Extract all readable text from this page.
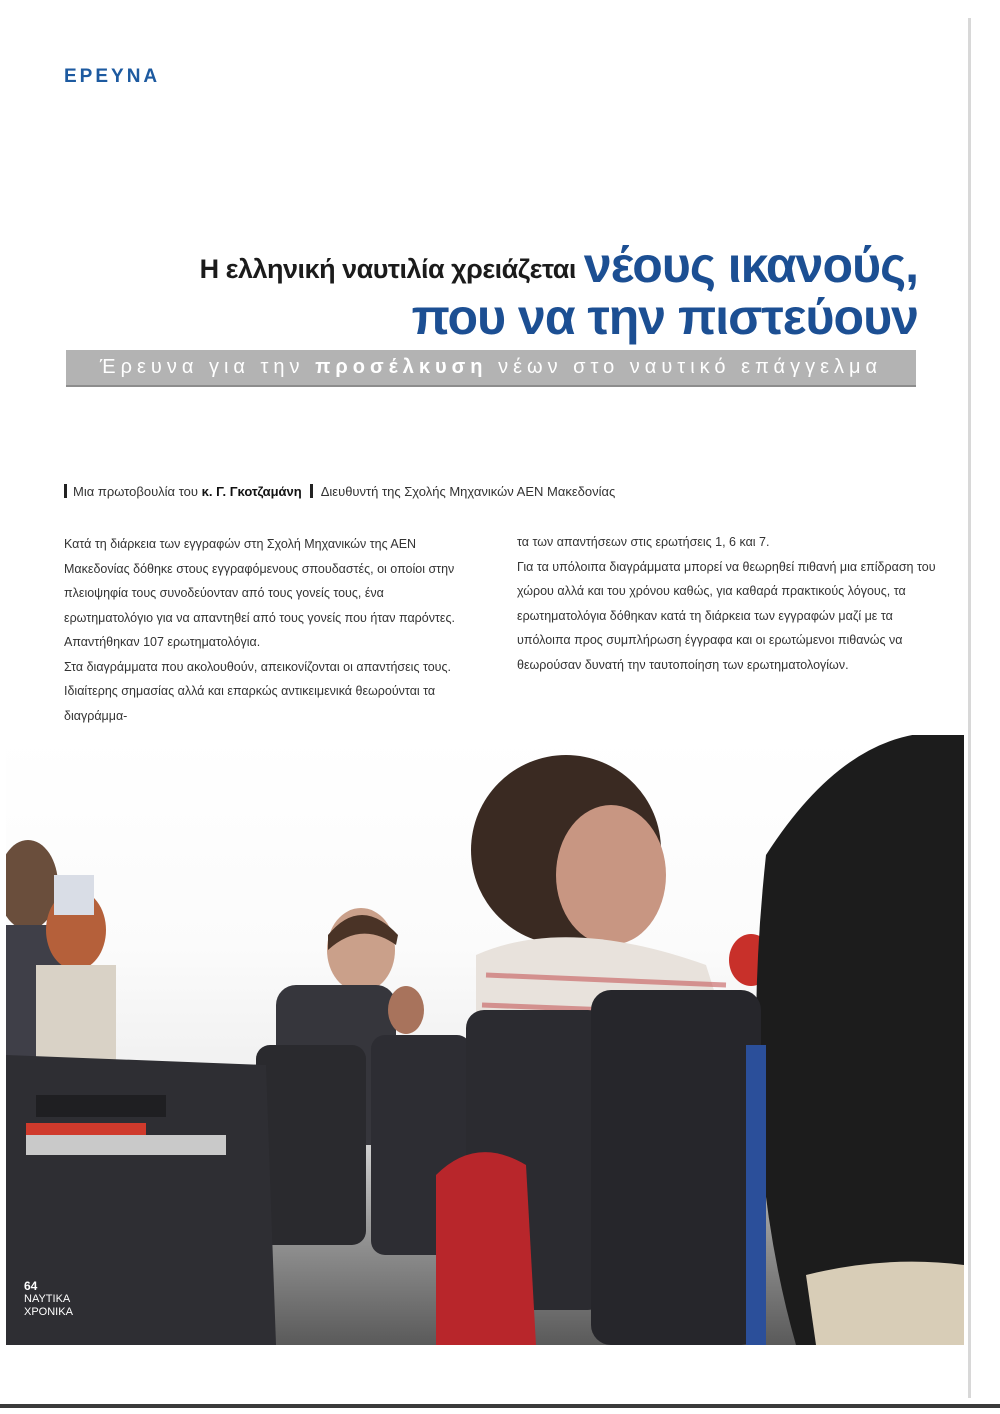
ΕΡΕΥΝΑ
Η ελληνική ναυτιλία χρειάζεται νέους ικανούς,
που να την πιστεύουν
Έρευνα για την προσέλκυση νέων στο ναυτικό επάγγελμα
Μια πρωτοβουλία του κ. Γ. Γκοτζαμάνη Διευθυντή της Σχολής Μηχανικών ΑΕΝ Μακεδονίας

Κατά τη διάρκεια των εγγραφών στη Σχολή Μηχανικών της ΑΕΝ Μακεδονίας δόθηκε στους εγγραφόμενους σπουδαστές, οι οποίοι στην πλειοψηφία τους συνοδεύονταν από τους γονείς τους, ένα ερωτηματολόγιο για να απαντηθεί από τους γονείς που ήταν παρόντες.

Απαντήθηκαν 107 ερωτηματολόγια.

Στα διαγράμματα που ακολουθούν, απεικονίζονται οι απαντήσεις τους.

Ιδιαίτερης σημασίας αλλά και επαρκώς αντικειμενικά θεωρούνται τα διαγράμμα-

τα των απαντήσεων στις ερωτήσεις 1, 6 και 7.

Για τα υπόλοιπα διαγράμματα μπορεί να θεωρηθεί πιθανή μια επίδραση του χώρου αλλά και του χρόνου καθώς, για καθαρά πρακτικούς λόγους, τα ερωτηματολόγια δόθηκαν κατά τη διάρκεια των εγγραφών μαζί με τα υπόλοιπα προς συμπλήρωση έγγραφα και οι ερωτώμενοι πιθανώς να θεωρούσαν δυνατή την ταυτοποίηση των ερωτηματολογίων.

64
ΝΑΥΤΙΚΑ
ΧΡΟΝΙΚΑ
